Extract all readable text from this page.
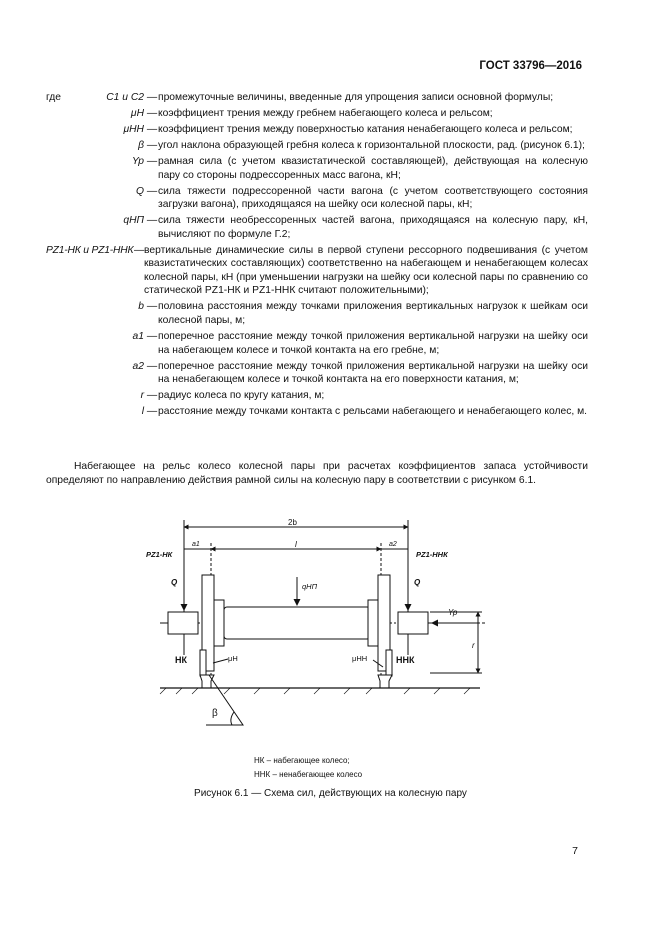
ГОСТ 33796—2016
где	C1 и C2 — промежуточные величины, введенные для упрощения записи основной формулы;
μH — коэффициент трения между гребнем набегающего колеса и рельсом;
μHH — коэффициент трения между поверхностью катания ненабегающего колеса и рельсом;
β — угол наклона образующей гребня колеса к горизонтальной плоскости, рад. (рисунок 6.1);
Yp — рамная сила (с учетом квазистатической составляющей), действующая на колесную пару со стороны подрессоренных масс вагона, кН;
Q — сила тяжести подрессоренной части вагона (с учетом соответствующего состояния загрузки вагона), приходящаяся на шейку оси колесной пары, кН;
qНП — сила тяжести необрессоренных частей вагона, приходящаяся на колесную пару, кН, вычисляют по формуле Г.2;
PZ1-НК и PZ1-ННК — вертикальные динамические силы в первой ступени рессорного подвешивания (с учетом квазистатических составляющих) соответственно на набегающем и ненабегающем колесах колесной пары, кН (при уменьшении нагрузки на шейку оси колесной пары по сравнению со статической PZ1-НК и PZ1-ННК считают положительными);
b — половина расстояния между точками приложения вертикальных нагрузок к шейкам оси колесной пары, м;
a1 — поперечное расстояние между точкой приложения вертикальной нагрузки на шейку оси на набегающем колесе и точкой контакта на его гребне, м;
a2 — поперечное расстояние между точкой приложения вертикальной нагрузки на шейку оси на ненабегающем колесе и точкой контакта на его поверхности катания, м;
r — радиус колеса по кругу катания, м;
l — расстояние между точками контакта с рельсами набегающего и ненабегающего колес, м.
Набегающее на рельс колесо колесной пары при расчетах коэффициентов запаса устойчивости определяют по направлению действия рамной силы на колесную пару в соответствии с рисунком 6.1.
2b
l
a1	a2
PZ1-НК	PZ1-ННК
Q	Q
qНП
Yp
НК	ННК
μH	μHH
r
β
НК – набегающее колесо;
ННК – ненабегающее колесо
Рисунок 6.1 — Схема сил, действующих на колесную пару
7
